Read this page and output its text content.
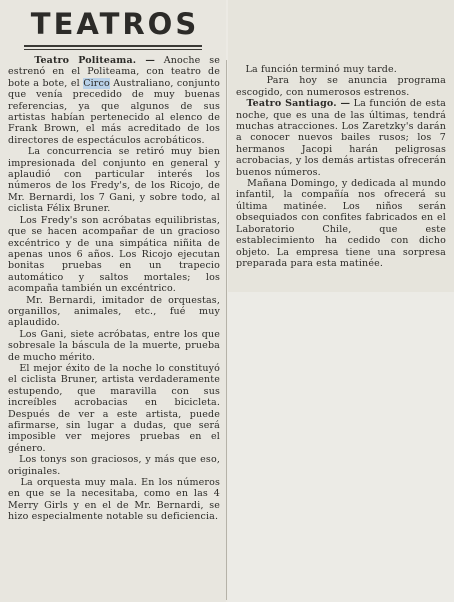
TEATROS

Teatro Politeama. — Anoche se estrenó en el Politeama, con teatro de bote a bote, el Circo Australiano, conjunto que venía precedido de muy buenas referencias, ya que algunos de sus artistas habían pertenecido al elenco de Frank Brown, el más acreditado de los directores de espectáculos acrobáticos.

La concurrencia se retiró muy bien impresionada del conjunto en general y aplaudió con particular interés los números de los Fredy's, de los Ricojo, de Mr. Bernardi, los 7 Gani, y sobre todo, al ciclista Félix Bruner.

Los Fredy's son acróbatas equilibristas, que se hacen acompañar de un gracioso excéntrico y de una simpática niñita de apenas unos 6 años. Los Ricojo ejecutan bonitas pruebas en un trapecio automático y saltos mortales; los acompaña también un excéntrico.

Mr. Bernardi, imitador de orquestas, organillos, animales, etc., fué muy aplaudido.

Los Gani, siete acróbatas, entre los que sobresale la báscula de la muerte, prueba de mucho mérito.

El mejor éxito de la noche lo constituyó el ciclista Bruner, artista verdaderamente estupendo, que maravilla con sus increíbles acrobacias en bicicleta. Después de ver a este artista, puede afirmarse, sin lugar a dudas, que será imposible ver mejores pruebas en el género.

Los tonys son graciosos, y más que eso, originales.

La orquesta muy mala. En los números en que se la necesitaba, como en las 4 Merry Girls y en el de Mr. Bernardi, se hizo especialmente notable su deficiencia.

La función terminó muy tarde.

Para hoy se anuncia programa escogido, con numerosos estrenos.

Teatro Santiago. — La función de esta noche, que es una de las últimas, tendrá muchas atracciones. Los Zaretzky's darán a conocer nuevos bailes rusos; los 7 hermanos Jacopi harán peligrosas acrobacias, y los demás artistas ofrecerán buenos números.

Mañana Domingo, y dedicada al mundo infantil, la compañía nos ofrecerá su última matinée. Los niños serán obsequiados con confites fabricados en el Laboratorio Chile, que este establecimiento ha cedido con dicho objeto. La empresa tiene una sorpresa preparada para esta matinée.
